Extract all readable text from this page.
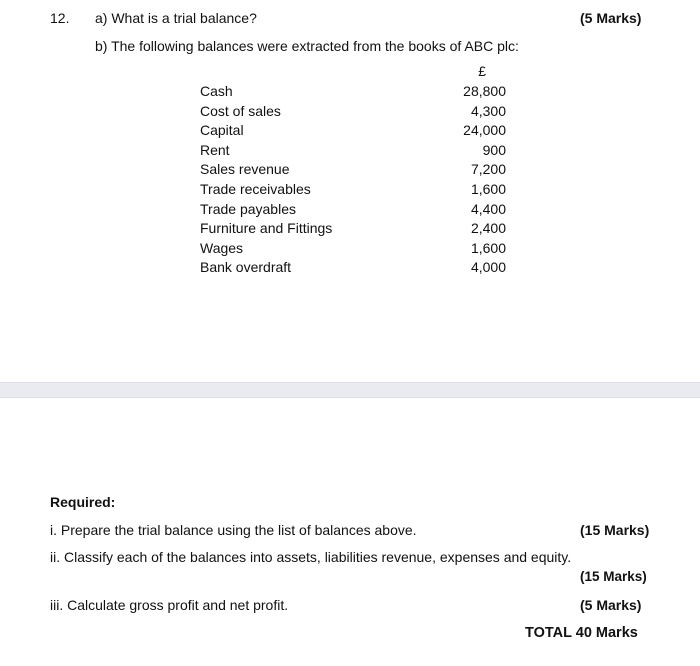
12. a) What is a trial balance?	(5 Marks)
b) The following balances were extracted from the books of ABC plc:
£
Cash	28,800
Cost of sales	4,300
Capital	24,000
Rent	900
Sales revenue	7,200
Trade receivables	1,600
Trade payables	4,400
Furniture and Fittings	2,400
Wages	1,600
Bank overdraft	4,000
Required:
i. Prepare the trial balance using the list of balances above.	(15 Marks)
ii. Classify each of the balances into assets, liabilities revenue, expenses and equity.
(15 Marks)
iii. Calculate gross profit and net profit.	(5 Marks)
TOTAL 40 Marks
